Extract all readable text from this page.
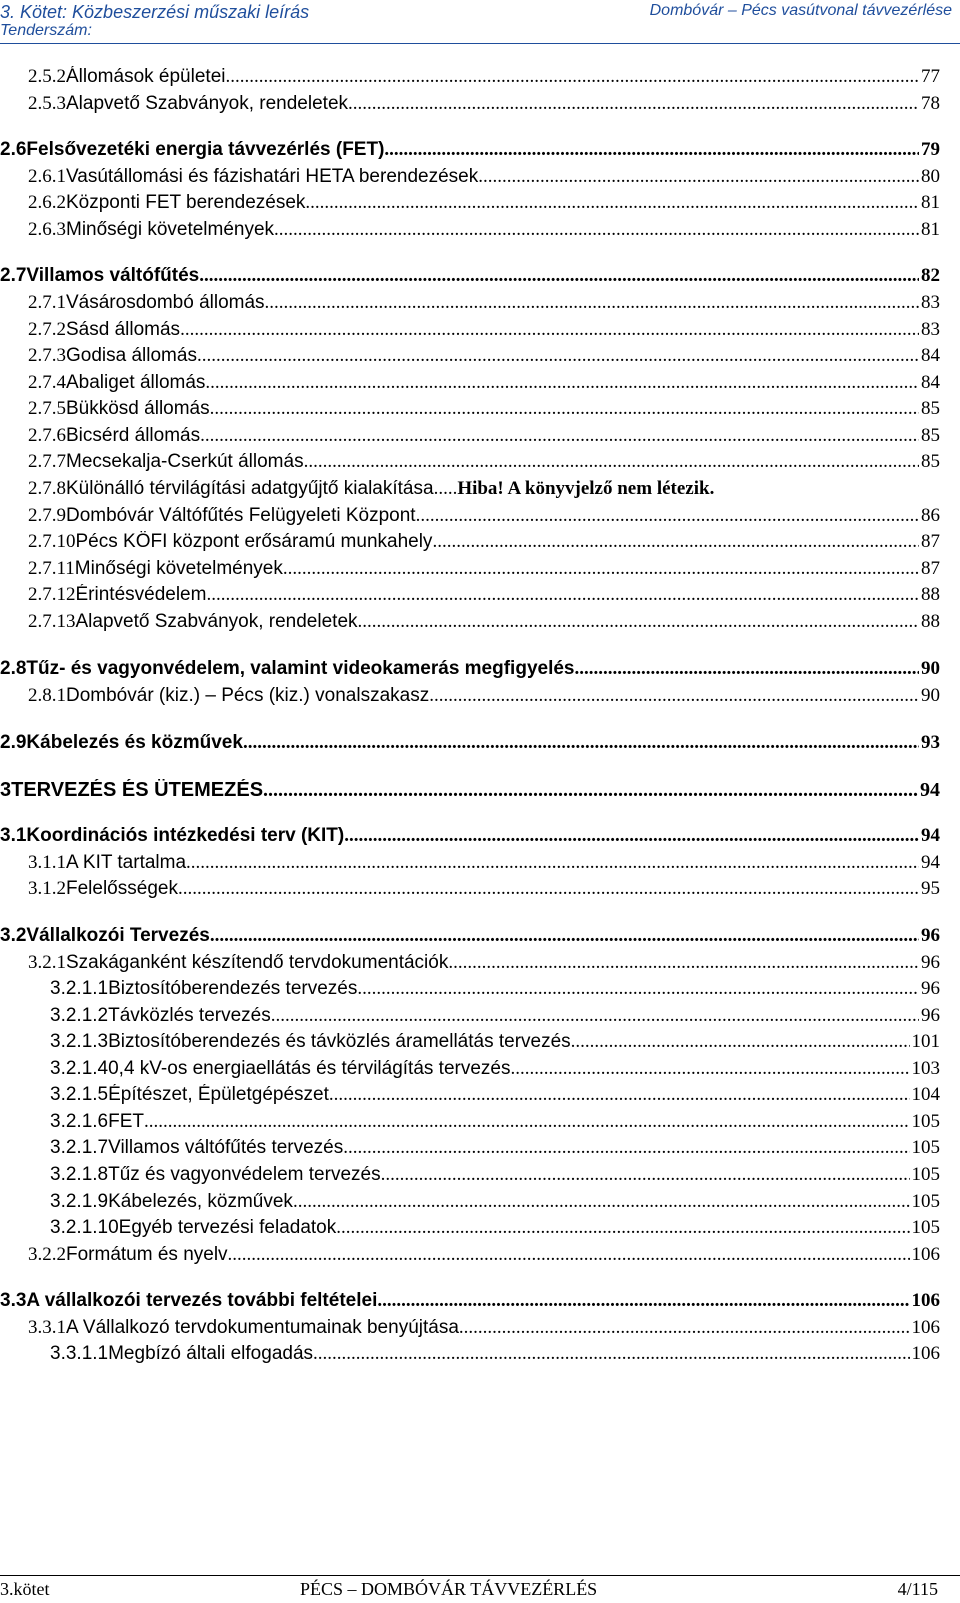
3. Kötet: Közbeszerzési műszaki leírás
Tenderszám:
Dombóvár – Pécs vasútvonal távvezérlése
2.5.2 Állomások épületei .....	77
2.5.3 Alapvető Szabványok, rendeletek .....	78
2.6 Felsővezetéki energia távvezérlés (FET) .....	79
2.6.1 Vasútállomási és fázishatári HETA berendezések .....	80
2.6.2 Központi FET berendezések .....	81
2.6.3 Minőségi követelmények .....	81
2.7 Villamos váltófűtés .....	82
2.7.1 Vásárosdombó állomás .....	83
2.7.2 Sásd állomás .....	83
2.7.3 Godisa állomás .....	84
2.7.4 Abaliget állomás .....	84
2.7.5 Bükkösd állomás .....	85
2.7.6 Bicsérd állomás .....	85
2.7.7 Mecsekalja-Cserkút állomás .....	85
2.7.8 Különálló térvilágítási adatgyűjtő kialakítása ..... Hiba! A könyvjelző nem létezik.
2.7.9 Dombóvár Váltófűtés Felügyeleti Központ .....	86
2.7.10 Pécs KÖFI központ erősáramú munkahely .....	87
2.7.11 Minőségi követelmények .....	87
2.7.12 Érintésvédelem .....	88
2.7.13 Alapvető Szabványok, rendeletek .....	88
2.8 Tűz- és vagyonvédelem, valamint videokamerás megfigyelés .....	90
2.8.1 Dombóvár (kiz.) – Pécs (kiz.) vonalszakasz .....	90
2.9 Kábelezés és közművek .....	93
3 TERVEZÉS ÉS ÜTEMEZÉS .....	94
3.1 Koordinációs intézkedési terv (KIT) .....	94
3.1.1 A KIT tartalma .....	94
3.1.2 Felelősségek .....	95
3.2 Vállalkozói Tervezés .....	96
3.2.1 Szakáganként készítendő tervdokumentációk .....	96
3.2.1.1 Biztosítóberendezés tervezés .....	96
3.2.1.2 Távközlés tervezés .....	96
3.2.1.3 Biztosítóberendezés és távközlés áramellátás tervezés .....	101
3.2.1.4 0,4 kV-os energiaellátás és térvilágítás tervezés .....	103
3.2.1.5 Építészet, Épületgépészet .....	104
3.2.1.6 FET .....	105
3.2.1.7 Villamos váltófűtés tervezés .....	105
3.2.1.8 Tűz és vagyonvédelem tervezés .....	105
3.2.1.9 Kábelezés, közművek .....	105
3.2.1.10 Egyéb tervezési feladatok .....	105
3.2.2 Formátum és nyelv .....	106
3.3 A vállalkozói tervezés további feltételei .....	106
3.3.1 A Vállalkozó tervdokumentumainak benyújtása .....	106
3.3.1.1 Megbízó általi elfogadás .....	106
3.kötet	PÉCS – DOMBÓVÁR TÁVVEZÉRLÉS	4/115
